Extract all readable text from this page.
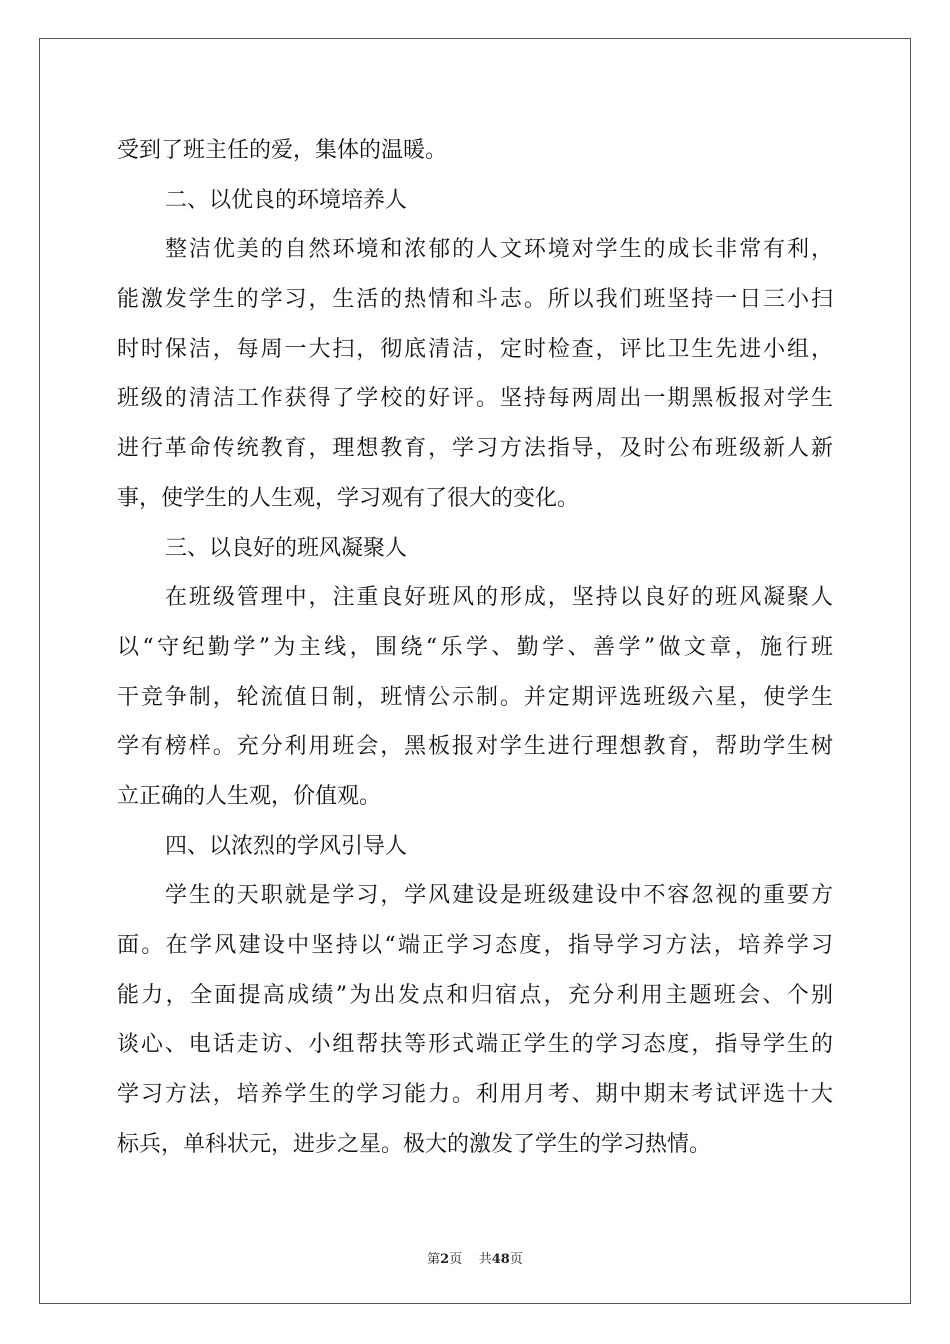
受到了班主任的爱，集体的温暖。
二、以优良的环境培养人
整洁优美的自然环境和浓郁的人文环境对学生的成长非常有利，
能激发学生的学习，生活的热情和斗志。所以我们班坚持一日三小扫
时时保洁，每周一大扫，彻底清洁，定时检查，评比卫生先进小组，
班级的清洁工作获得了学校的好评。坚持每两周出一期黑板报对学生
进行革命传统教育，理想教育，学习方法指导，及时公布班级新人新
事，使学生的人生观，学习观有了很大的变化。
三、以良好的班风凝聚人
在班级管理中，注重良好班风的形成，坚持以良好的班风凝聚人
以“守纪勤学”为主线，围绕“乐学、勤学、善学”做文章，施行班
干竞争制，轮流值日制，班情公示制。并定期评选班级六星，使学生
学有榜样。充分利用班会，黑板报对学生进行理想教育，帮助学生树
立正确的人生观，价值观。
四、以浓烈的学风引导人
学生的天职就是学习，学风建设是班级建设中不容忽视的重要方
面。在学风建设中坚持以“端正学习态度，指导学习方法，培养学习
能力，全面提高成绩”为出发点和归宿点，充分利用主题班会、个别
谈心、电话走访、小组帮扶等形式端正学生的学习态度，指导学生的
学习方法，培养学生的学习能力。利用月考、期中期末考试评选十大
标兵，单科状元，进步之星。极大的激发了学生的学习热情。
第2页 共48页
